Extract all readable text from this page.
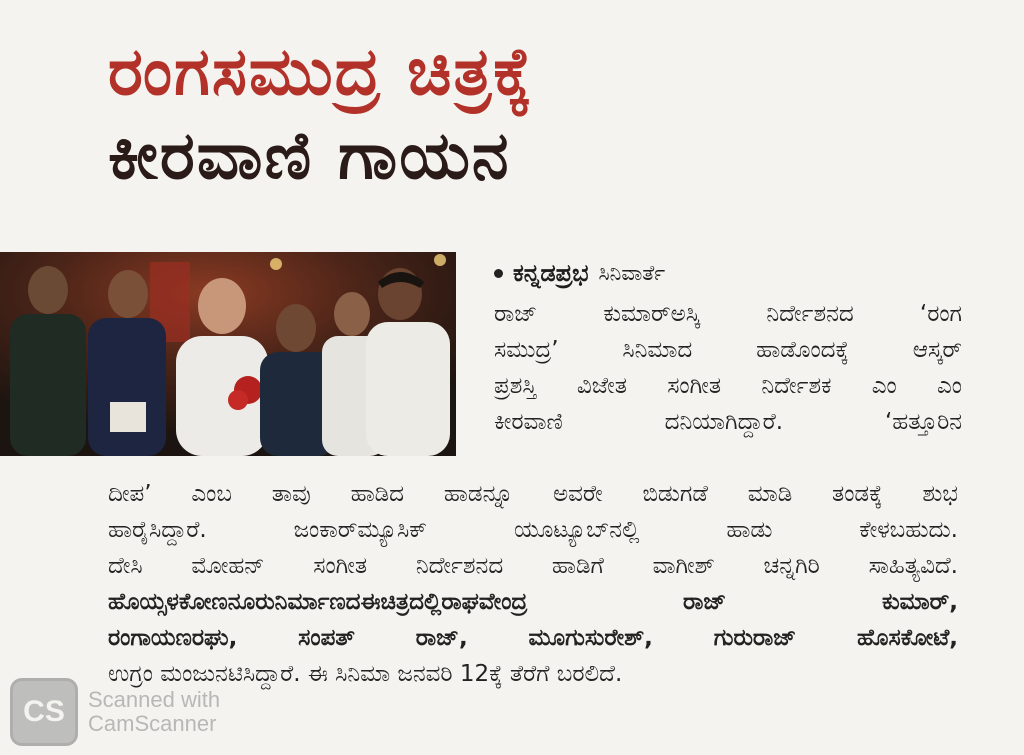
ರಂಗಸಮುದ್ರ ಚಿತ್ರಕ್ಕೆ
ಕೀರವಾಣಿ ಗಾಯನ
ಕನ್ನಡಪ್ರಭ ಸಿನಿವಾರ್ತೆ
ರಾಜ್ ಕುಮಾರ್‌ಅಸ್ಕಿ ನಿರ್ದೇಶನದ ‘ರಂಗ
ಸಮುದ್ರ’ ಸಿನಿಮಾದ ಹಾಡೊಂದಕ್ಕೆ ಆಸ್ಕರ್
ಪ್ರಶಸ್ತಿ ವಿಜೇತ ಸಂಗೀತ ನಿರ್ದೇಶಕ ಎಂ ಎಂ
ಕೀರವಾಣಿ ದನಿಯಾಗಿದ್ದಾರೆ. ‘ಹತ್ತೂರಿನ
ದೀಪ’ ಎಂಬ ತಾವು ಹಾಡಿದ ಹಾಡನ್ನೂ ಅವರೇ ಬಿಡುಗಡೆ ಮಾಡಿ ತಂಡಕ್ಕೆ ಶುಭ
ಹಾರೈಸಿದ್ದಾರೆ. ಜಂಕಾರ್‌ಮ್ಯೂಸಿಕ್ ಯೂಟ್ಯೂಬ್‌ನಲ್ಲಿ ಹಾಡು ಕೇಳಬಹುದು.
ದೇಸಿ ಮೋಹನ್ ಸಂಗೀತ ನಿರ್ದೇಶನದ ಹಾಡಿಗೆ ವಾಗೀಶ್ ಚನ್ನಗಿರಿ ಸಾಹಿತ್ಯವಿದೆ.
ಹೊಯ್ಸಳಕೋಣನೂರುನಿರ್ಮಾಣದಈಚಿತ್ರದಲ್ಲಿರಾಘವೇಂದ್ರ ರಾಜ್ ಕುಮಾರ್,
ರಂಗಾಯಣರಘು, ಸಂಪತ್ ರಾಜ್, ಮೂಗುಸುರೇಶ್, ಗುರುರಾಜ್ ಹೊಸಕೋಟೆ,
ಉಗ್ರಂ ಮಂಜುನಟಿಸಿದ್ದಾರೆ. ಈ ಸಿನಿಮಾ ಜನವರಿ 12ಕ್ಕೆ ತೆರೆಗೆ ಬರಲಿದೆ.
CS	Scanned with
CamScanner
